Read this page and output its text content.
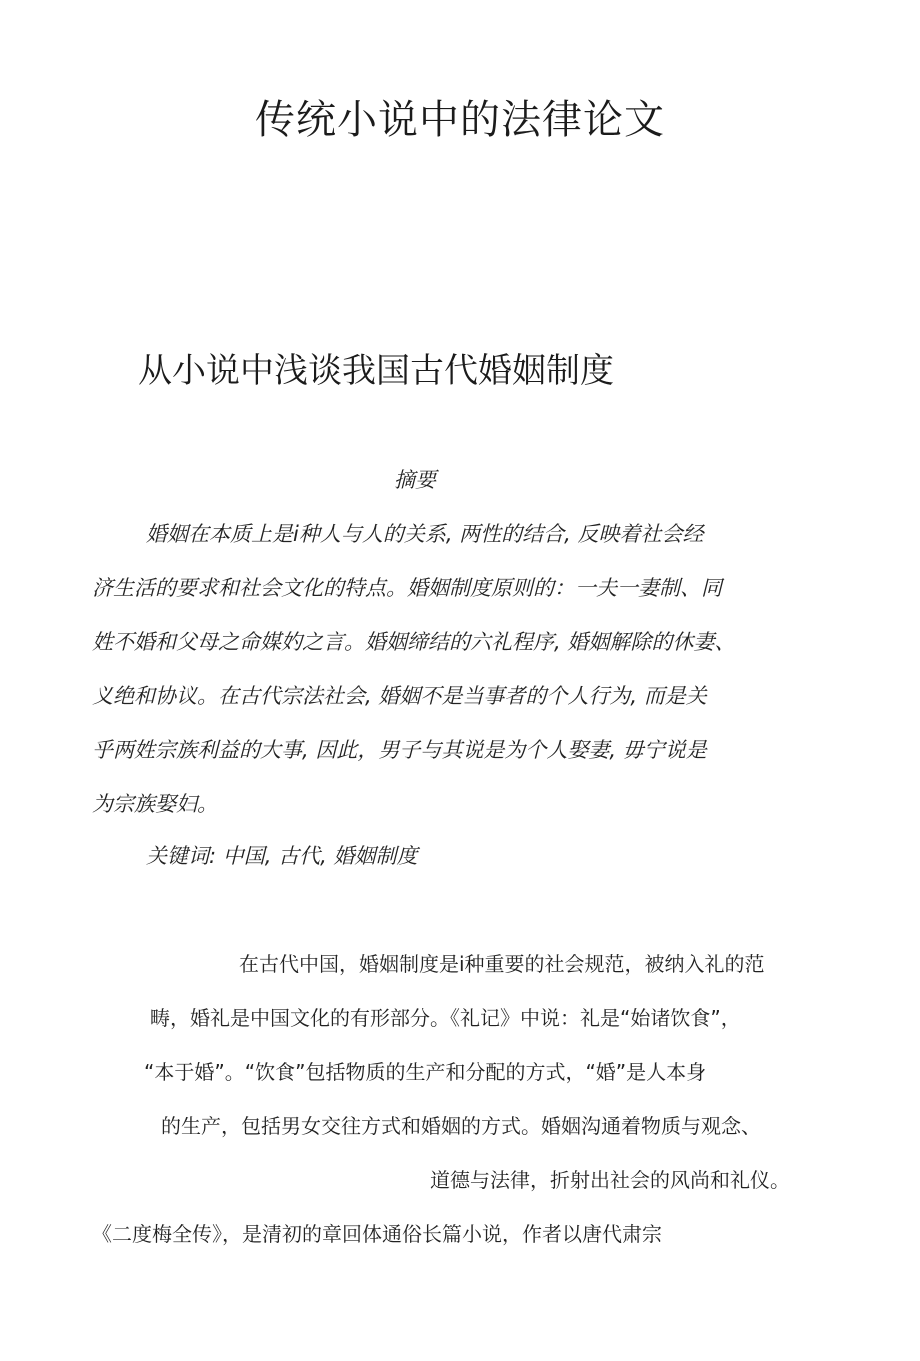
传统小说中的法律论文
从小说中浅谈我国古代婚姻制度
摘要
婚姻在本质上是i种人与人的关系, 两性的结合, 反映着社会经
济生活的要求和社会文化的特点。婚姻制度原则的：一夫一妻制、同
姓不婚和父母之命媒妁之言。婚姻缔结的六礼程序, 婚姻解除的休妻、
义绝和协议。在古代宗法社会, 婚姻不是当事者的个人行为, 而是关
乎两姓宗族利益的大事, 因此，男子与其说是为个人娶妻, 毋宁说是
为宗族娶妇。
关键词: 中国, 古代, 婚姻制度
在古代中国，婚姻制度是i种重要的社会规范，被纳入礼的范
畴，婚礼是中国文化的有形部分。《礼记》中说：礼是“始诸饮食”，
“本于婚”。“饮食”包括物质的生产和分配的方式，“婚”是人本身
的生产，包括男女交往方式和婚姻的方式。婚姻沟通着物质与观念、
道德与法律，折射出社会的风尚和礼仪。
《二度梅全传》，是清初的章回体通俗长篇小说，作者以唐代肃宗
